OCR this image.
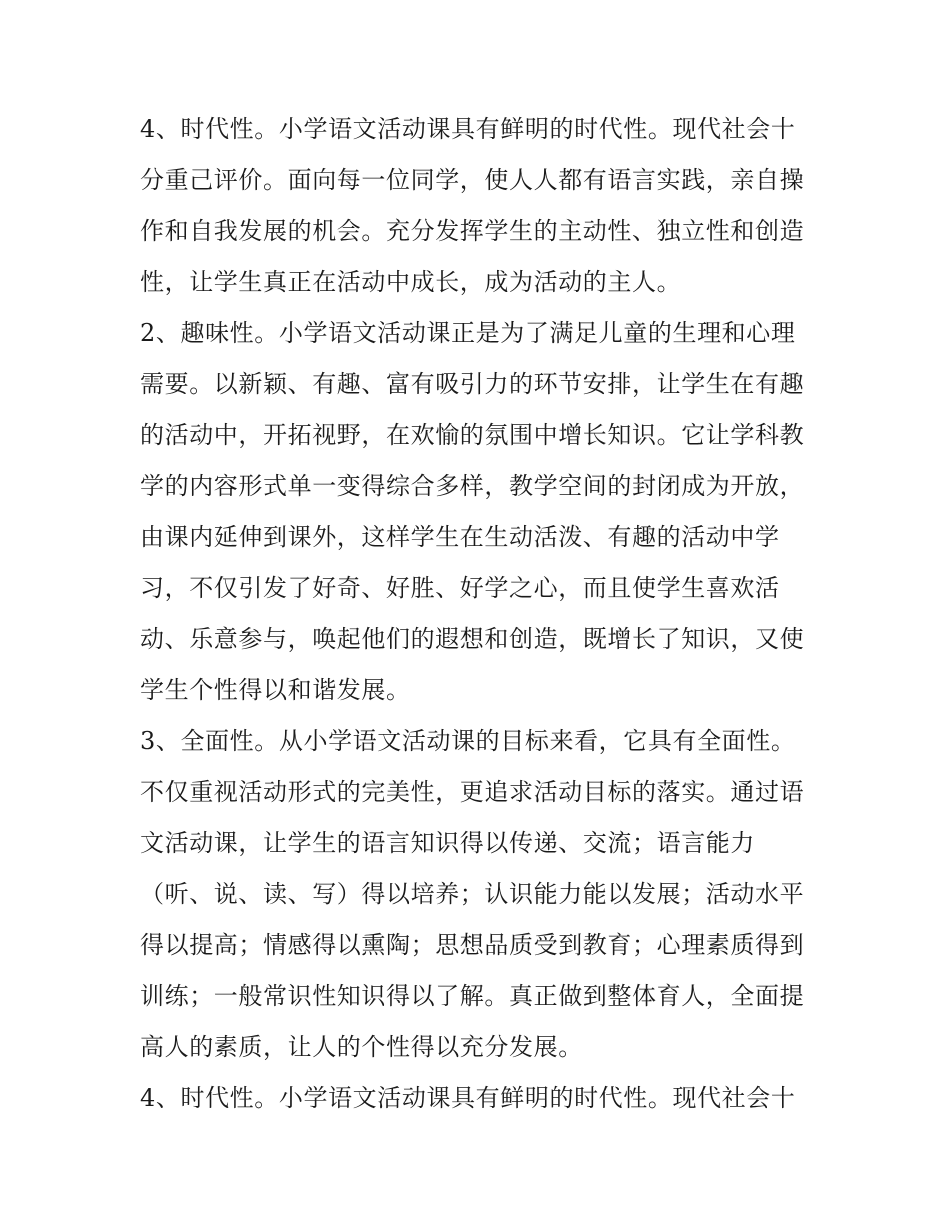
4、时代性。小学语文活动课具有鲜明的时代性。现代社会十
分重己评价。面向每一位同学，使人人都有语言实践，亲自操
作和自我发展的机会。充分发挥学生的主动性、独立性和创造
性，让学生真正在活动中成长，成为活动的主人。
2、趣味性。小学语文活动课正是为了满足儿童的生理和心理
需要。以新颖、有趣、富有吸引力的环节安排，让学生在有趣
的活动中，开拓视野，在欢愉的氛围中增长知识。它让学科教
学的内容形式单一变得综合多样，教学空间的封闭成为开放，
由课内延伸到课外，这样学生在生动活泼、有趣的活动中学
习，不仅引发了好奇、好胜、好学之心，而且使学生喜欢活
动、乐意参与，唤起他们的遐想和创造，既增长了知识，又使
学生个性得以和谐发展。
3、全面性。从小学语文活动课的目标来看，它具有全面性。
不仅重视活动形式的完美性，更追求活动目标的落实。通过语
文活动课，让学生的语言知识得以传递、交流；语言能力
（听、说、读、写）得以培养；认识能力能以发展；活动水平
得以提高；情感得以熏陶；思想品质受到教育；心理素质得到
训练；一般常识性知识得以了解。真正做到整体育人，全面提
高人的素质，让人的个性得以充分发展。
4、时代性。小学语文活动课具有鲜明的时代性。现代社会十
